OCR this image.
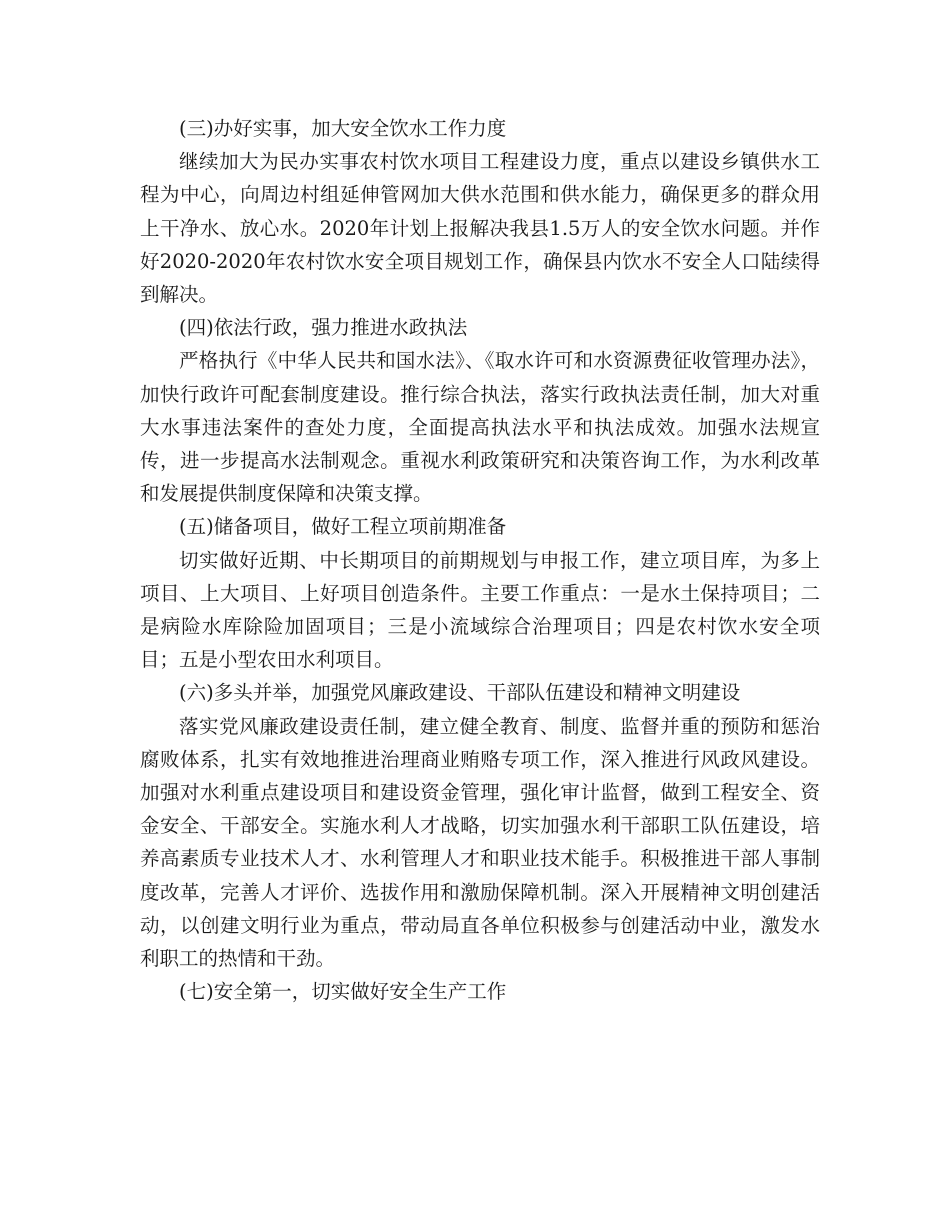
(三)办好实事，加大安全饮水工作力度

继续加大为民办实事农村饮水项目工程建设力度，重点以建设乡镇供水工程为中心，向周边村组延伸管网加大供水范围和供水能力，确保更多的群众用上干净水、放心水。2020年计划上报解决我县1.5万人的安全饮水问题。并作好2020-2020年农村饮水安全项目规划工作，确保县内饮水不安全人口陆续得到解决。

(四)依法行政，强力推进水政执法

严格执行《中华人民共和国水法》、《取水许可和水资源费征收管理办法》，加快行政许可配套制度建设。推行综合执法，落实行政执法责任制，加大对重大水事违法案件的查处力度，全面提高执法水平和执法成效。加强水法规宣传，进一步提高水法制观念。重视水利政策研究和决策咨询工作，为水利改革和发展提供制度保障和决策支撑。

(五)储备项目，做好工程立项前期准备

切实做好近期、中长期项目的前期规划与申报工作，建立项目库，为多上项目、上大项目、上好项目创造条件。主要工作重点：一是水土保持项目；二是病险水库除险加固项目；三是小流域综合治理项目；四是农村饮水安全项目；五是小型农田水利项目。

(六)多头并举，加强党风廉政建设、干部队伍建设和精神文明建设

落实党风廉政建设责任制，建立健全教育、制度、监督并重的预防和惩治腐败体系，扎实有效地推进治理商业贿赂专项工作，深入推进行风政风建设。加强对水利重点建设项目和建设资金管理，强化审计监督，做到工程安全、资金安全、干部安全。实施水利人才战略，切实加强水利干部职工队伍建设，培养高素质专业技术人才、水利管理人才和职业技术能手。积极推进干部人事制度改革，完善人才评价、选拔作用和激励保障机制。深入开展精神文明创建活动，以创建文明行业为重点，带动局直各单位积极参与创建活动中业，激发水利职工的热情和干劲。

(七)安全第一，切实做好安全生产工作
